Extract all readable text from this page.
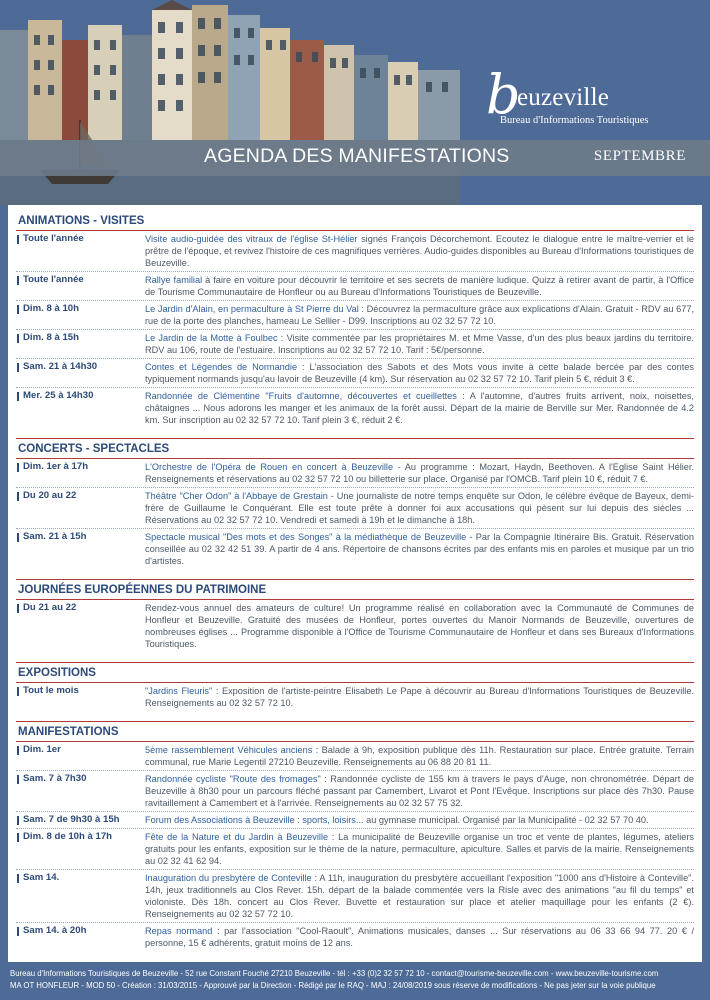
b
euzeville
Bureau d'Informations Touristiques
AGENDA DES MANIFESTATIONS	SEPTEMBRE
ANIMATIONS - VISITES
Toute l'année	Visite audio-guidée des vitraux de l'église St-Hélier signés François Décorchemont. Ecoutez le dialogue entre le maître-verrier et le prêtre de l'époque, et revivez l'histoire de ces magnifiques verrières. Audio-guides disponibles au Bureau d'Informations touristiques de Beuzeville.
Toute l'année	Rallye familial à faire en voiture pour découvrir le territoire et ses secrets de manière ludique. Quizz à retirer avant de partir, à l'Office de Tourisme Communautaire de Honfleur ou au Bureau d'Informations Touristiques de Beuzeville.
Dim. 8 à 10h	Le Jardin d'Alain, en permaculture à St Pierre du Val : Découvrez la permaculture grâce aux explications d'Alain. Gratuit - RDV au 677, rue de la porte des planches, hameau Le Sellier - D99. Inscriptions au 02 32 57 72 10.
Dim. 8 à 15h	Le Jardin de la Motte à Foulbec : Visite commentée par les propriétaires M. et Mme Vasse, d'un des plus beaux jardins du territoire. RDV au 106, route de l'estuaire. Inscriptions au 02 32 57 72 10. Tarif : 5€/personne.
Sam. 21 à 14h30	Contes et Légendes de Normandie : L'association des Sabots et des Mots vous invite à cette balade bercée par des contes typiquement normands jusqu'au lavoir de Beuzeville (4 km). Sur réservation au 02 32 57 72 10. Tarif plein 5 €, réduit 3 €.
Mer. 25 à 14h30	Randonnée de Clémentine "Fruits d'automne, découvertes et cueillettes : A l'automne, d'autres fruits arrivent, noix, noisettes, châtaignes ... Nous adorons les manger et les animaux de la forêt aussi. Départ de la mairie de Berville sur Mer. Randonnée de 4.2 km. Sur inscription au 02 32 57 72 10. Tarif plein 3 €, réduit 2 €.
CONCERTS - SPECTACLES
Dim. 1er à 17h	L'Orchestre de l'Opéra de Rouen en concert à Beuzeville - Au programme : Mozart, Haydn, Beethoven. A l'Eglise Saint Hélier. Renseignements et réservations au 02 32 57 72 10 ou billetterie sur place. Organisé par l'OMCB. Tarif plein 10 €, réduit 7 €.
Du 20 au 22	Théâtre "Cher Odon" à l'Abbaye de Grestain - Une journaliste de notre temps enquête sur Odon, le célèbre évêque de Bayeux, demi-frère de Guillaume le Conquérant. Elle est toute prête à donner foi aux accusations qui pèsent sur lui depuis des siècles ... Réservations au 02 32 57 72 10. Vendredi et samedi à 19h et le dimanche à 18h.
Sam. 21 à 15h	Spectacle musical "Des mots et des Songes" à la médiathèque de Beuzeville - Par la Compagnie Itinéraire Bis. Gratuit. Réservation conseillée au 02 32 42 51 39. A partir de 4 ans. Répertoire de chansons écrites par des enfants mis en paroles et musique par un trio d'artistes.
JOURNÉES EUROPÉENNES DU PATRIMOINE
Du 21 au 22	Rendez-vous annuel des amateurs de culture! Un programme réalisé en collaboration avec la Communauté de Communes de Honfleur et Beuzeville. Gratuité des musées de Honfleur, portes ouvertes du Manoir Normands de Beuzeville, ouvertures de nombreuses églises ... Programme disponible à l'Office de Tourisme Communautaire de Honfleur et dans ses Bureaux d'Informations Touristiques.
EXPOSITIONS
Tout le mois	"Jardins Fleuris" : Exposition de l'artiste-peintre Elisabeth Le Pape à découvrir au Bureau d'Informations Touristiques de Beuzeville. Renseignements au 02 32 57 72 10.
MANIFESTATIONS
Dim. 1er	5ème rassemblement Véhicules anciens : Balade à 9h, exposition publique dès 11h. Restauration sur place. Entrée gratuite. Terrain communal, rue Marie Legentil 27210 Beuzeville. Renseignements au 06 88 20 81 11.
Sam. 7 à 7h30	Randonnée cycliste "Route des fromages" : Randonnée cycliste de 155 km à travers le pays d'Auge, non chronométrée. Départ de Beuzeville à 8h30 pour un parcours fléché passant par Camembert, Livarot et Pont l'Evêque. Inscriptions sur place dès 7h30. Pause ravitaillement à Camembert et à l'arrivée. Renseignements au 02 32 57 75 32.
Sam. 7 de 9h30 à 15h	Forum des Associations à Beuzeville : sports, loisirs... au gymnase municipal. Organisé par la Municipalité - 02 32 57 70 40.
Dim. 8 de 10h à 17h	Fête de la Nature et du Jardin à Beuzeville : La municipalité de Beuzeville organise un troc et vente de plantes, légumes, ateliers gratuits pour les enfants, exposition sur le thème de la nature, permaculture, apiculture. Salles et parvis de la mairie. Renseignements au 02 32 41 62 94.
Sam 14.	Inauguration du presbytère de Conteville : A 11h, inauguration du presbytère accueillant l'exposition "1000 ans d'Histoire à Conteville". 14h, jeux traditionnels au Clos Rever. 15h. départ de la balade commentée vers la Risle avec des animations "au fil du temps" et violoniste. Dès 18h. concert au Clos Rever. Buvette et restauration sur place et atelier maquillage pour les enfants (2 €). Renseignements au 02 32 57 72 10.
Sam 14. à 20h	Repas normand : par l'association "Cool-Raoult". Animations musicales, danses ... Sur réservations au 06 33 66 94 77. 20 € / personne, 15 € adhérents, gratuit moins de 12 ans.
Bureau d'Informations Touristiques de Beuzeville - 52 rue Constant Fouché 27210 Beuzeville - tél : +33 (0)2 32 57 72 10 - contact@tourisme-beuzeville.com - www.beuzeville-tourisme.com
MA OT HONFLEUR - MOD 50 - Création : 31/03/2015 - Approuvé par la Direction - Rédigé par le RAQ - MAJ : 24/08/2019 sous réserve de modifications - Ne pas jeter sur la voie publique
